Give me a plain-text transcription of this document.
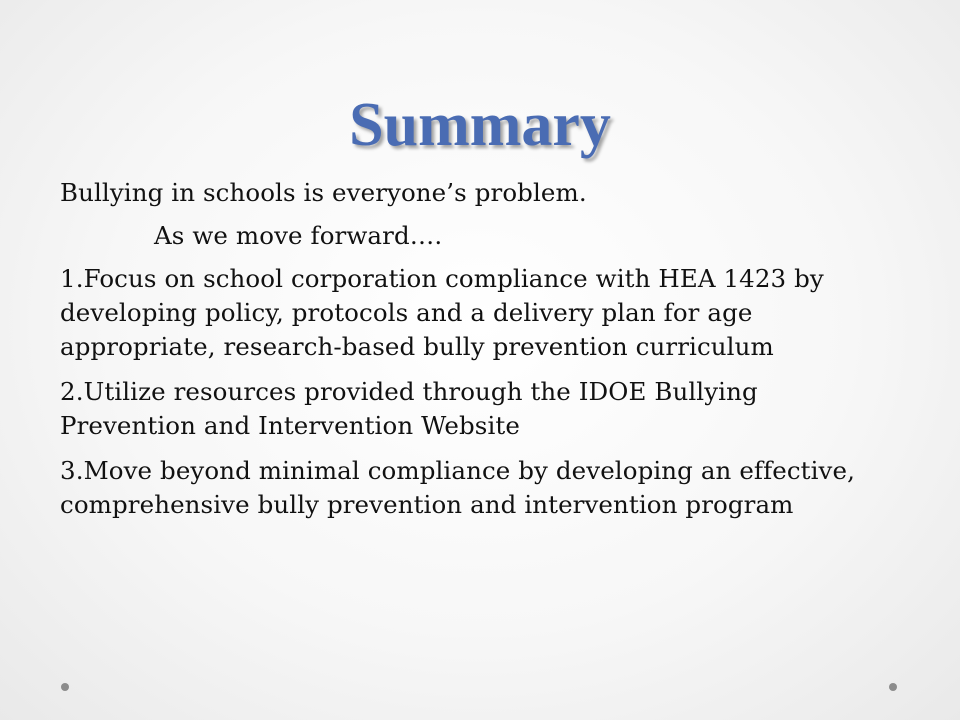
Summary

Bullying in schools is everyone’s problem.

As we move forward….

1.Focus on school corporation compliance with HEA 1423 by developing policy, protocols and a delivery plan for age appropriate, research-based bully prevention curriculum

2.Utilize resources provided through the IDOE Bullying Prevention and Intervention Website

3.Move beyond minimal compliance by developing an effective, comprehensive bully prevention and intervention program
